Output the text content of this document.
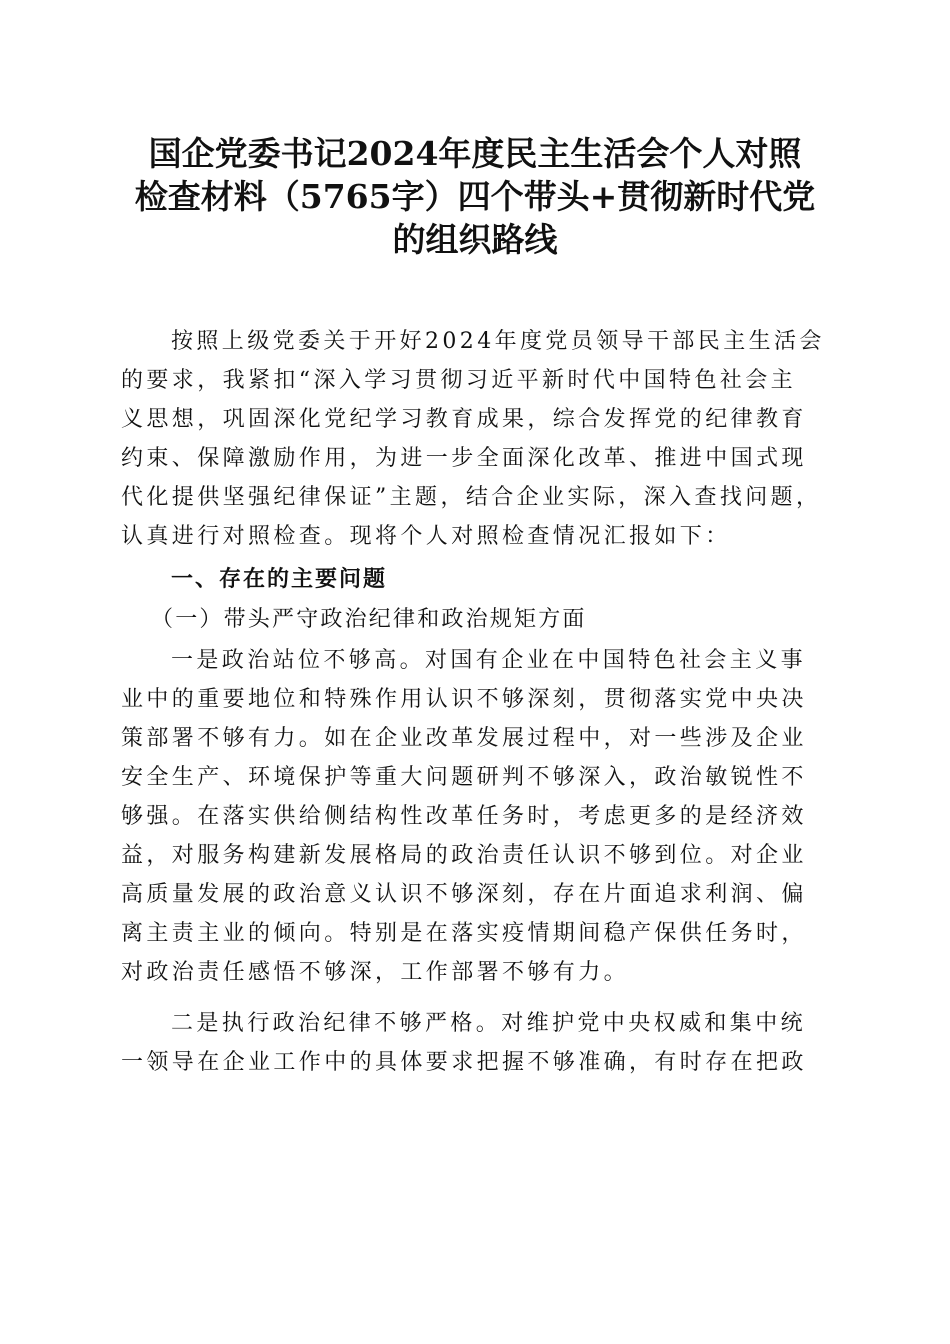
国企党委书记2024年度民主生活会个人对照
检查材料（5765字）四个带头+贯彻新时代党
的组织路线
按照上级党委关于开好2024年度党员领导干部民主生活会
的要求，我紧扣“深入学习贯彻习近平新时代中国特色社会主
义思想，巩固深化党纪学习教育成果，综合发挥党的纪律教育
约束、保障激励作用，为进一步全面深化改革、推进中国式现
代化提供坚强纪律保证”主题，结合企业实际，深入查找问题，
认真进行对照检查。现将个人对照检查情况汇报如下：
一、存在的主要问题
（一）带头严守政治纪律和政治规矩方面
一是政治站位不够高。对国有企业在中国特色社会主义事
业中的重要地位和特殊作用认识不够深刻，贯彻落实党中央决
策部署不够有力。如在企业改革发展过程中，对一些涉及企业
安全生产、环境保护等重大问题研判不够深入，政治敏锐性不
够强。在落实供给侧结构性改革任务时，考虑更多的是经济效
益，对服务构建新发展格局的政治责任认识不够到位。对企业
高质量发展的政治意义认识不够深刻，存在片面追求利润、偏
离主责主业的倾向。特别是在落实疫情期间稳产保供任务时，
对政治责任感悟不够深，工作部署不够有力。
二是执行政治纪律不够严格。对维护党中央权威和集中统
一领导在企业工作中的具体要求把握不够准确，有时存在把政
